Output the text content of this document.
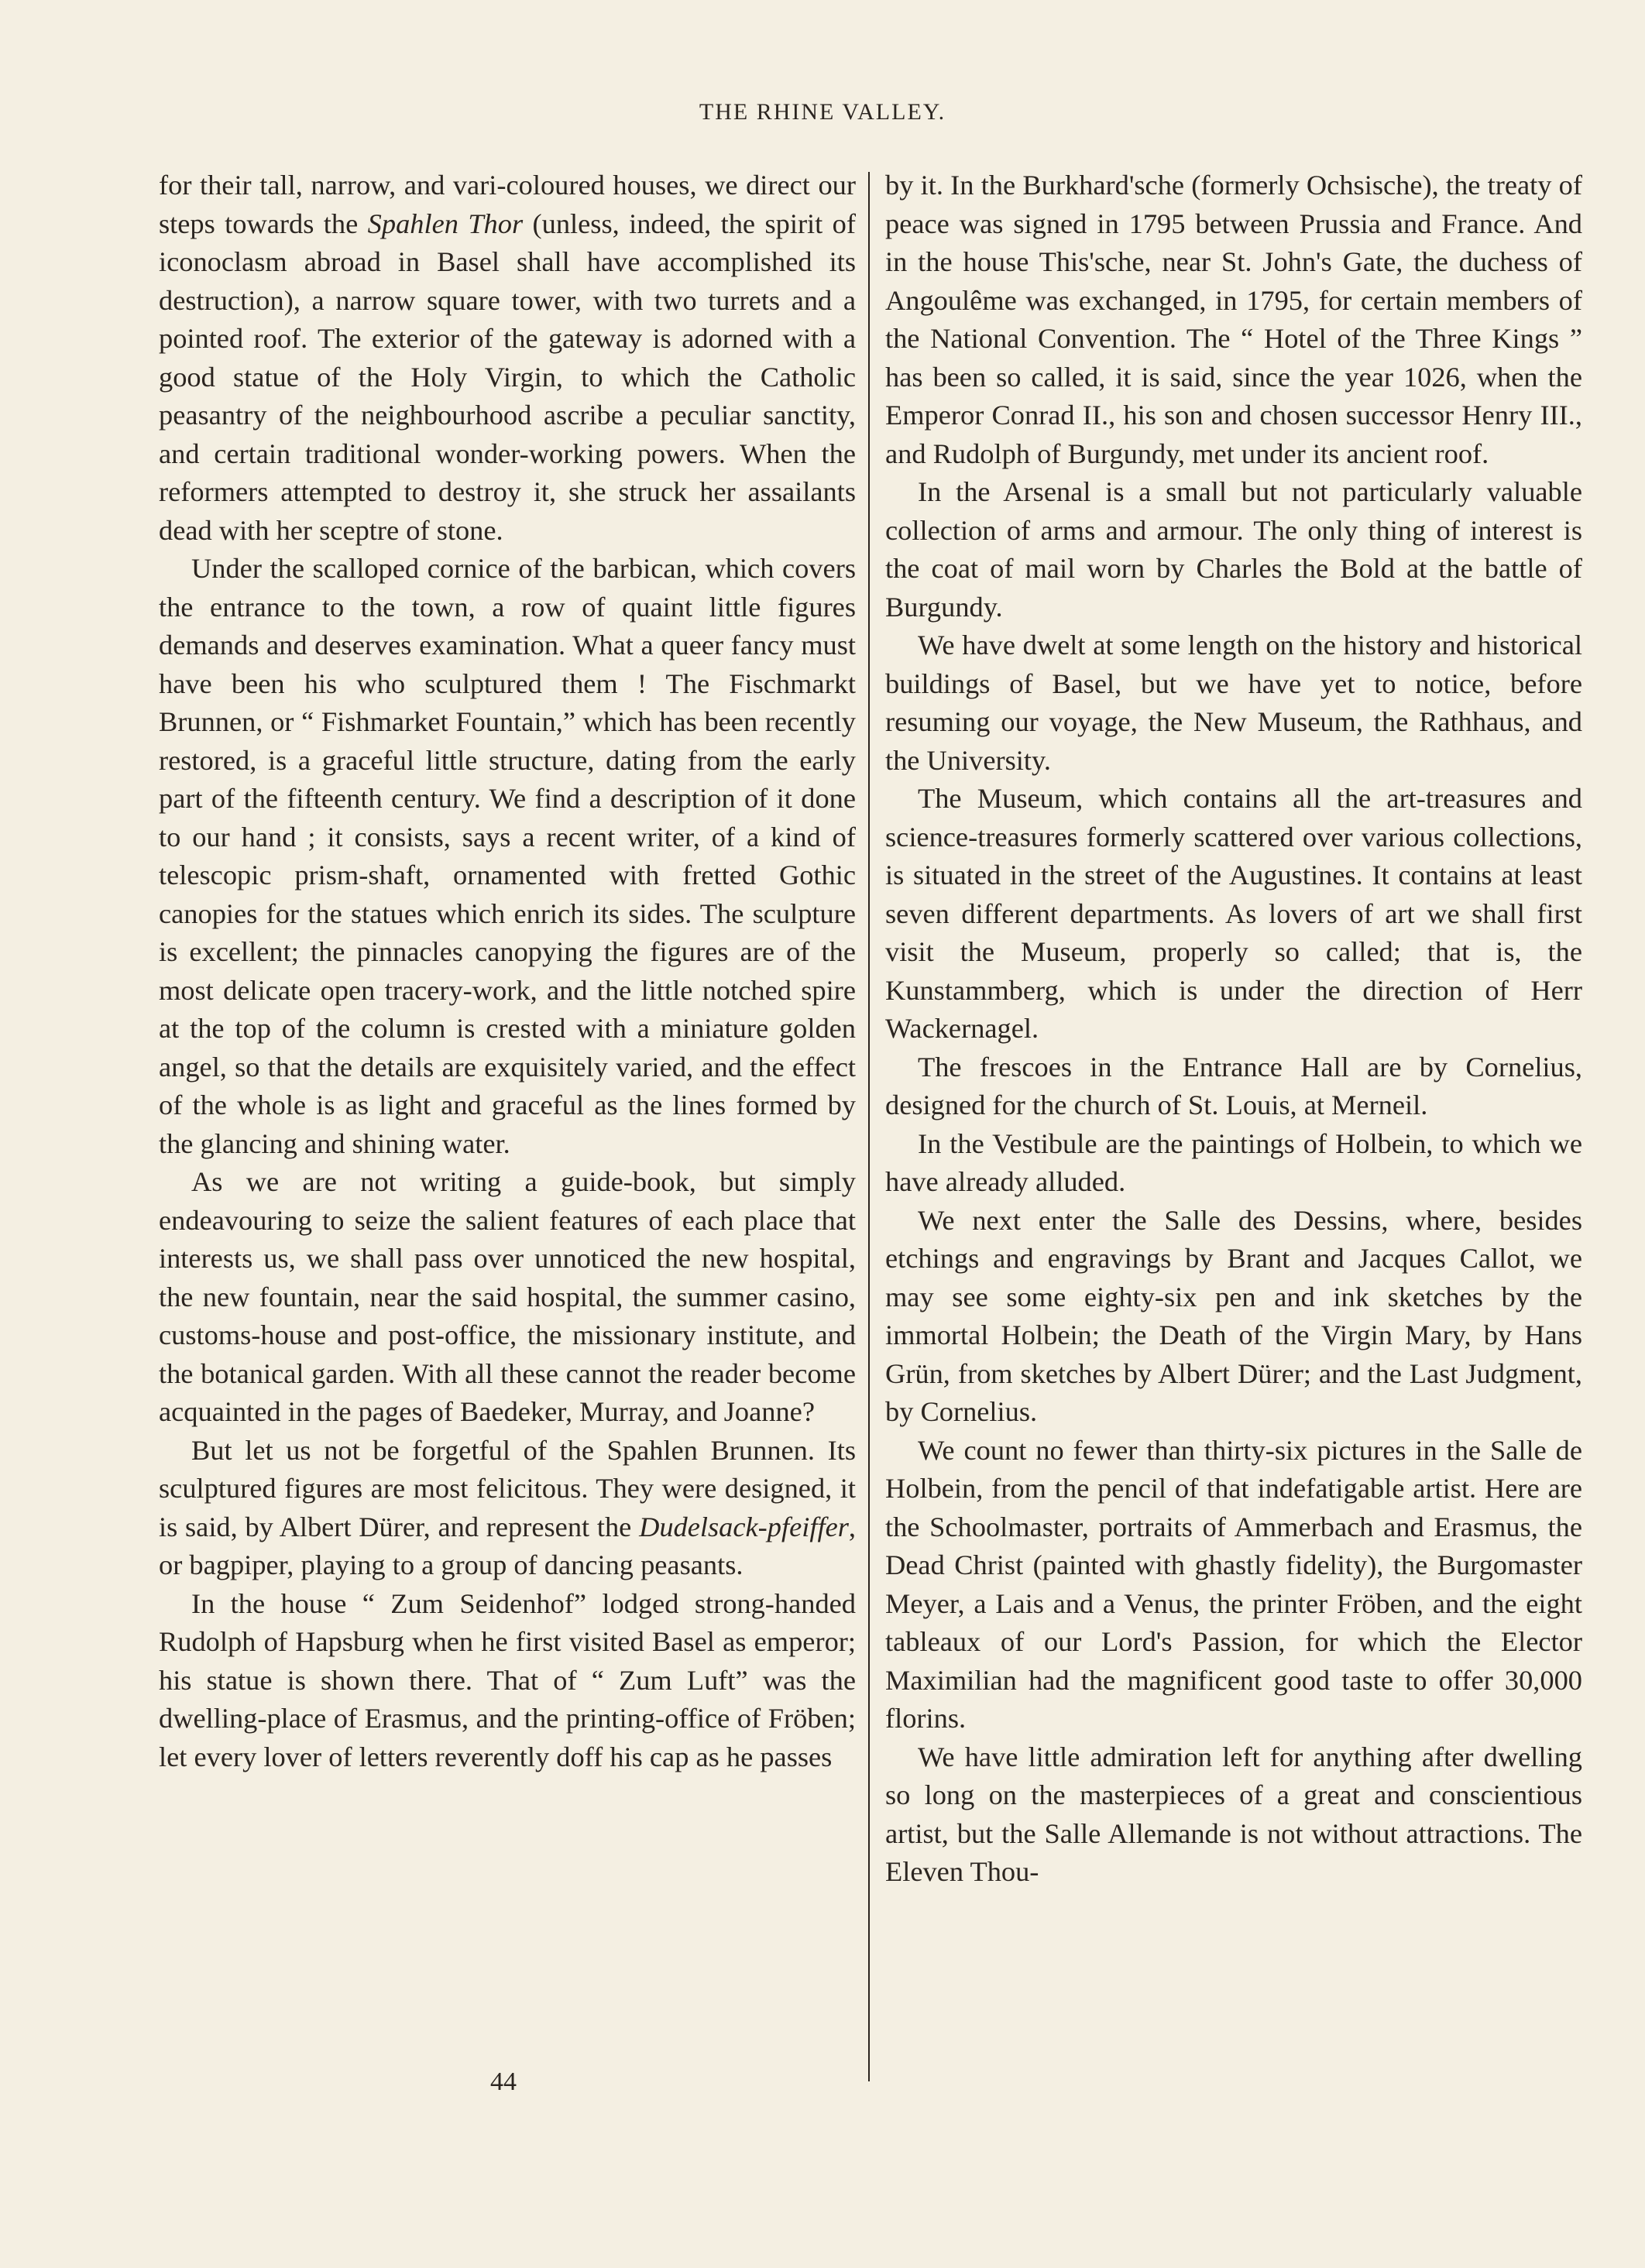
THE RHINE VALLEY.

for their tall, narrow, and vari-coloured houses, we direct our steps towards the Spahlen Thor (unless, indeed, the spirit of iconoclasm abroad in Basel shall have accomplished its destruction), a narrow square tower, with two turrets and a pointed roof. The exterior of the gateway is adorned with a good statue of the Holy Virgin, to which the Catholic peasantry of the neighbourhood ascribe a peculiar sanctity, and certain traditional wonder-working powers. When the reformers attempted to destroy it, she struck her assailants dead with her sceptre of stone.

Under the scalloped cornice of the barbican, which covers the entrance to the town, a row of quaint little figures demands and deserves examination. What a queer fancy must have been his who sculptured them ! The Fischmarkt Brunnen, or “ Fishmarket Fountain,” which has been recently restored, is a graceful little structure, dating from the early part of the fifteenth century. We find a description of it done to our hand ; it consists, says a recent writer, of a kind of telescopic prism-shaft, ornamented with fretted Gothic canopies for the statues which enrich its sides. The sculpture is excellent; the pinnacles canopying the figures are of the most delicate open tracery-work, and the little notched spire at the top of the column is crested with a miniature golden angel, so that the details are exquisitely varied, and the effect of the whole is as light and graceful as the lines formed by the glancing and shining water.

As we are not writing a guide-book, but simply endeavouring to seize the salient features of each place that interests us, we shall pass over unnoticed the new hospital, the new fountain, near the said hospital, the summer casino, customs-house and post-office, the missionary institute, and the botanical garden. With all these cannot the reader become acquainted in the pages of Baedeker, Murray, and Joanne?

But let us not be forgetful of the Spahlen Brunnen. Its sculptured figures are most felicitous. They were designed, it is said, by Albert Dürer, and represent the Dudelsack-pfeiffer, or bagpiper, playing to a group of dancing peasants.

In the house “ Zum Seidenhof” lodged strong-handed Rudolph of Hapsburg when he first visited Basel as emperor; his statue is shown there. That of “ Zum Luft” was the dwelling-place of Erasmus, and the printing-office of Fröben; let every lover of letters reverently doff his cap as he passes

by it. In the Burkhard'sche (formerly Ochsische), the treaty of peace was signed in 1795 between Prussia and France. And in the house This'sche, near St. John's Gate, the duchess of Angoulême was exchanged, in 1795, for certain members of the National Convention. The “ Hotel of the Three Kings ” has been so called, it is said, since the year 1026, when the Emperor Conrad II., his son and chosen successor Henry III., and Rudolph of Burgundy, met under its ancient roof.

In the Arsenal is a small but not particularly valuable collection of arms and armour. The only thing of interest is the coat of mail worn by Charles the Bold at the battle of Burgundy.

We have dwelt at some length on the history and historical buildings of Basel, but we have yet to notice, before resuming our voyage, the New Museum, the Rathhaus, and the University.

The Museum, which contains all the art-treasures and science-treasures formerly scattered over various collections, is situated in the street of the Augustines. It contains at least seven different departments. As lovers of art we shall first visit the Museum, properly so called; that is, the Kunstammberg, which is under the direction of Herr Wackernagel.

The frescoes in the Entrance Hall are by Cornelius, designed for the church of St. Louis, at Merneil.

In the Vestibule are the paintings of Holbein, to which we have already alluded.

We next enter the Salle des Dessins, where, besides etchings and engravings by Brant and Jacques Callot, we may see some eighty-six pen and ink sketches by the immortal Holbein; the Death of the Virgin Mary, by Hans Grün, from sketches by Albert Dürer; and the Last Judgment, by Cornelius.

We count no fewer than thirty-six pictures in the Salle de Holbein, from the pencil of that indefatigable artist. Here are the Schoolmaster, portraits of Ammerbach and Erasmus, the Dead Christ (painted with ghastly fidelity), the Burgomaster Meyer, a Lais and a Venus, the printer Fröben, and the eight tableaux of our Lord's Passion, for which the Elector Maximilian had the magnificent good taste to offer 30,000 florins.

We have little admiration left for anything after dwelling so long on the masterpieces of a great and conscientious artist, but the Salle Allemande is not without attractions. The Eleven Thou-

44
